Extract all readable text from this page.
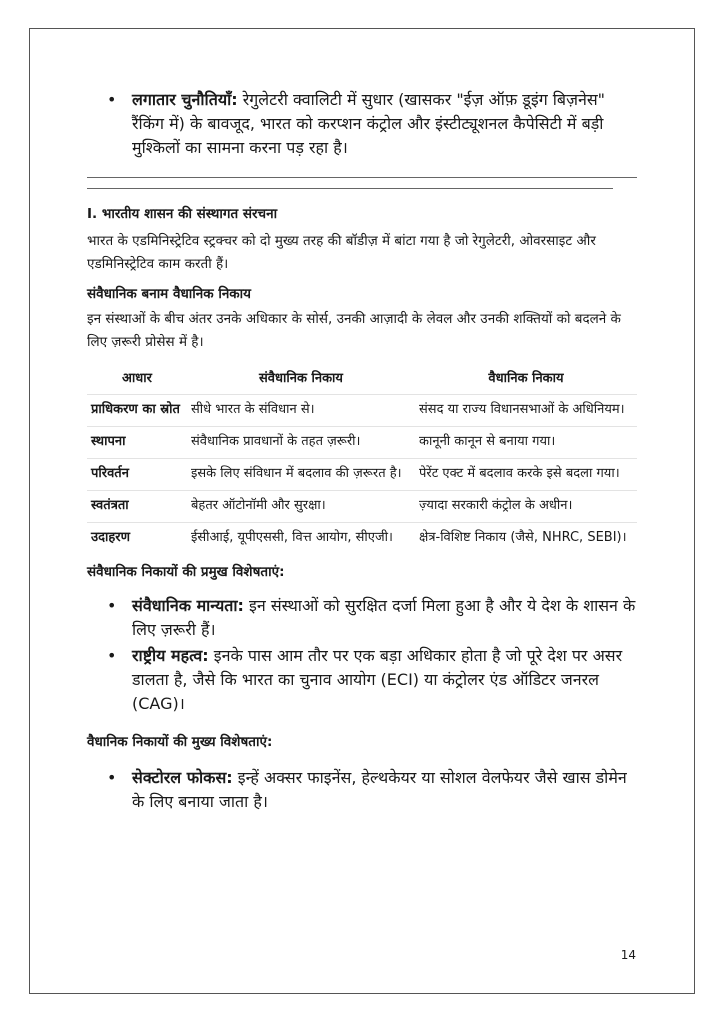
• लगातार चुनौतियाँ: रेगुलेटरी क्वालिटी में सुधार (खासकर "ईज़ ऑफ़ डूइंग बिज़नेस" रैंकिंग में) के बावजूद, भारत को करप्शन कंट्रोल और इंस्टीट्यूशनल कैपेसिटी में बड़ी मुश्किलों का सामना करना पड़ रहा है।

I. भारतीय शासन की संस्थागत संरचना

भारत के एडमिनिस्ट्रेटिव स्ट्रक्चर को दो मुख्य तरह की बॉडीज़ में बांटा गया है जो रेगुलेटरी, ओवरसाइट और एडमिनिस्ट्रेटिव काम करती हैं।

संवैधानिक बनाम वैधानिक निकाय

इन संस्थाओं के बीच अंतर उनके अधिकार के सोर्स, उनकी आज़ादी के लेवल और उनकी शक्तियों को बदलने के लिए ज़रूरी प्रोसेस में है।

आधार	संवैधानिक निकाय	वैधानिक निकाय
प्राधिकरण का स्रोत	सीधे भारत के संविधान से।	संसद या राज्य विधानसभाओं के अधिनियम।
स्थापना	संवैधानिक प्रावधानों के तहत ज़रूरी।	कानूनी कानून से बनाया गया।
परिवर्तन	इसके लिए संविधान में बदलाव की ज़रूरत है।	पेरेंट एक्ट में बदलाव करके इसे बदला गया।
स्वतंत्रता	बेहतर ऑटोनॉमी और सुरक्षा।	ज़्यादा सरकारी कंट्रोल के अधीन।
उदाहरण	ईसीआई, यूपीएससी, वित्त आयोग, सीएजी।	क्षेत्र-विशिष्ट निकाय (जैसे, NHRC, SEBI)।

संवैधानिक निकायों की प्रमुख विशेषताएं:

• संवैधानिक मान्यता: इन संस्थाओं को सुरक्षित दर्जा मिला हुआ है और ये देश के शासन के लिए ज़रूरी हैं।
• राष्ट्रीय महत्व: इनके पास आम तौर पर एक बड़ा अधिकार होता है जो पूरे देश पर असर डालता है, जैसे कि भारत का चुनाव आयोग (ECI) या कंट्रोलर एंड ऑडिटर जनरल (CAG)।

वैधानिक निकायों की मुख्य विशेषताएं:

• सेक्टोरल फोकस: इन्हें अक्सर फाइनेंस, हेल्थकेयर या सोशल वेलफेयर जैसे खास डोमेन के लिए बनाया जाता है।
14
